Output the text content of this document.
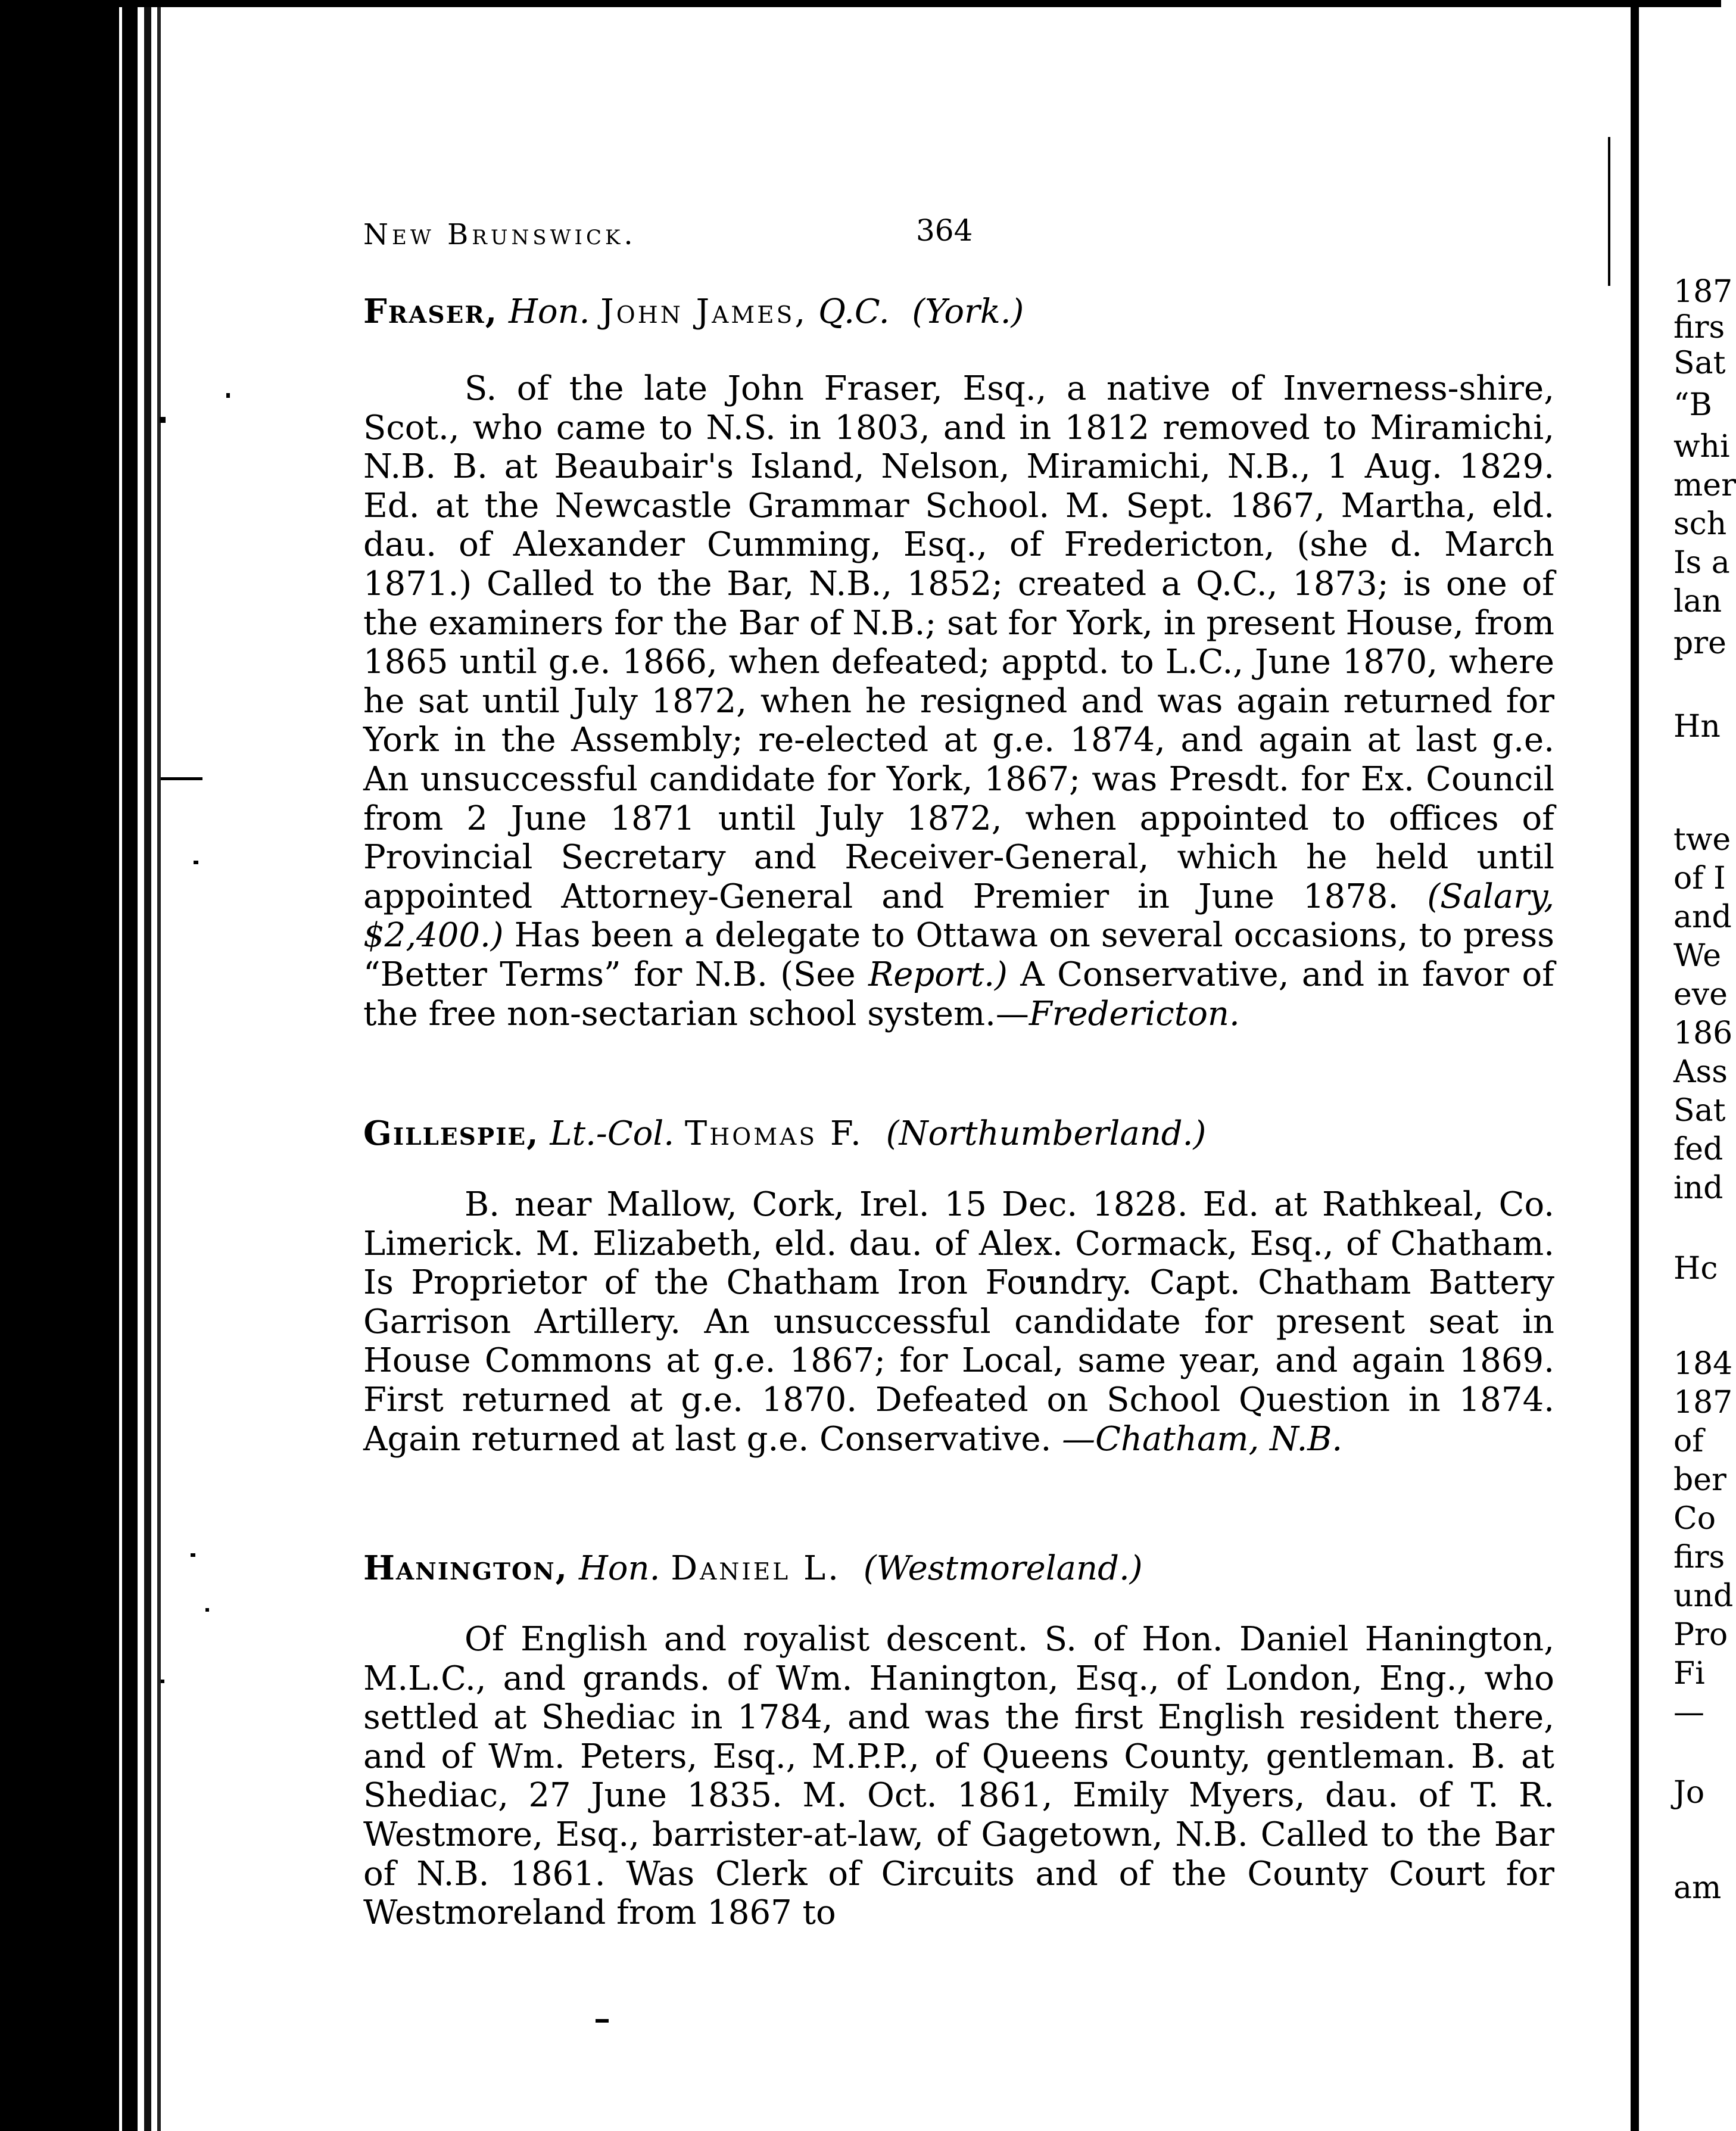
New Brunswick.	364
Fraser, Hon. John James, Q.C. (York.)

S. of the late John Fraser, Esq., a native of Inverness-shire, Scot., who came to N.S. in 1803, and in 1812 removed to Miramichi, N.B. B. at Beaubair's Island, Nelson, Miramichi, N.B., 1 Aug. 1829. Ed. at the Newcastle Grammar School. M. Sept. 1867, Martha, eld. dau. of Alexander Cumming, Esq., of Fredericton, (she d. March 1871.) Called to the Bar, N.B., 1852; created a Q.C., 1873; is one of the examiners for the Bar of N.B.; sat for York, in present House, from 1865 until g.e. 1866, when defeated; apptd. to L.C., June 1870, where he sat until July 1872, when he resigned and was again returned for York in the Assembly; re-elected at g.e. 1874, and again at last g.e. An unsuccessful candidate for York, 1867; was Presdt. for Ex. Council from 2 June 1871 until July 1872, when appointed to offices of Provincial Secretary and Receiver-General, which he held until appointed Attorney-General and Premier in June 1878. (Salary, $2,400.) Has been a delegate to Ottawa on several occasions, to press “Better Terms” for N.B. (See Report.) A Conservative, and in favor of the free non-sectarian school system.—Fredericton.

Gillespie, Lt.-Col. Thomas F. (Northumberland.)

B. near Mallow, Cork, Irel. 15 Dec. 1828. Ed. at Rathkeal, Co. Limerick. M. Elizabeth, eld. dau. of Alex. Cormack, Esq., of Chatham. Is Proprietor of the Chatham Iron Foundry. Capt. Chatham Battery Garrison Artillery. An unsuccessful candidate for present seat in House Commons at g.e. 1867; for Local, same year, and again 1869. First returned at g.e. 1870. Defeated on School Question in 1874. Again returned at last g.e. Conservative. —Chatham, N.B.

Hanington, Hon. Daniel L. (Westmoreland.)

Of English and royalist descent. S. of Hon. Daniel Hanington, M.L.C., and grands. of Wm. Hanington, Esq., of London, Eng., who settled at Shediac in 1784, and was the first English resident there, and of Wm. Peters, Esq., M.P.P., of Queens County, gentleman. B. at Shediac, 27 June 1835. M. Oct. 1861, Emily Myers, dau. of T. R. Westmore, Esq., barrister-at-law, of Gagetown, N.B. Called to the Bar of N.B. 1861. Was Clerk of Circuits and of the County Court for Westmoreland from 1867 to

187
firs
Sat
“B
whi
mer
sch
Is a
lan
pre
Hn
twe
of I
and
We
eve
186
Ass
Sat
fed
ind
Hc
184
187
of
ber
Co
firs
und
Pro
Fi
—
Jo
am
